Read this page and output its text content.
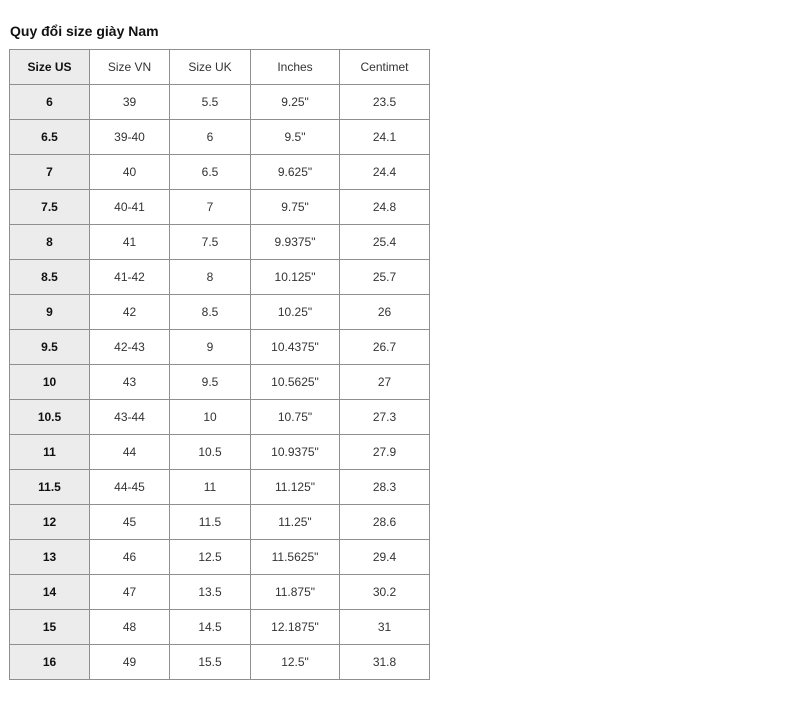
Quy đổi size giày Nam
Size US	Size VN	Size UK	Inches	Centimet
6	39	5.5	9.25"	23.5
6.5	39-40	6	9.5"	24.1
7	40	6.5	9.625"	24.4
7.5	40-41	7	9.75"	24.8
8	41	7.5	9.9375"	25.4
8.5	41-42	8	10.125"	25.7
9	42	8.5	10.25"	26
9.5	42-43	9	10.4375"	26.7
10	43	9.5	10.5625"	27
10.5	43-44	10	10.75"	27.3
11	44	10.5	10.9375"	27.9
11.5	44-45	11	11.125"	28.3
12	45	11.5	11.25"	28.6
13	46	12.5	11.5625"	29.4
14	47	13.5	11.875"	30.2
15	48	14.5	12.1875"	31
16	49	15.5	12.5"	31.8
